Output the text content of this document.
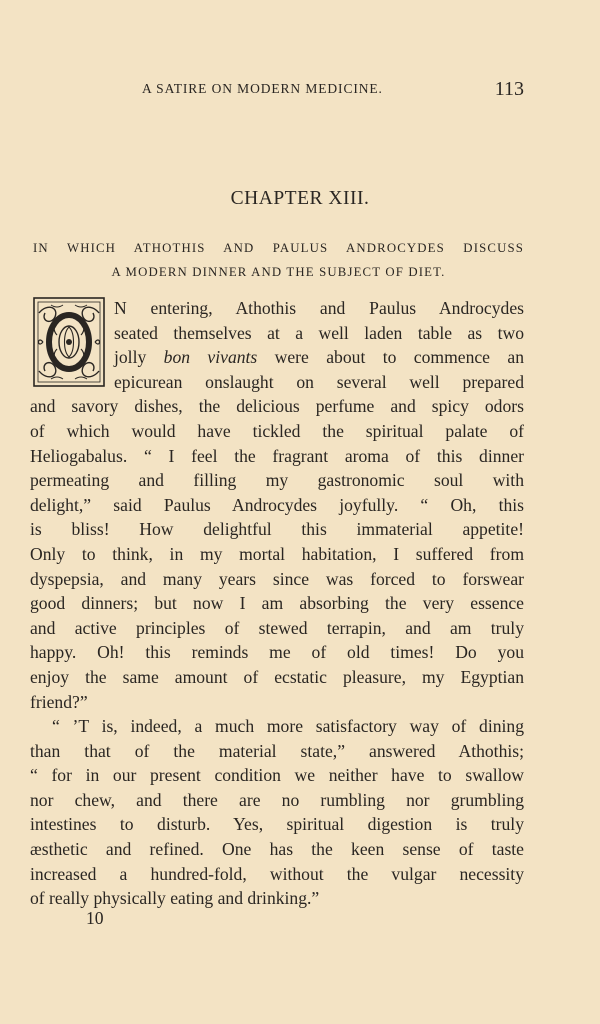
A SATIRE ON MODERN MEDICINE.	113
CHAPTER XIII.
IN WHICH ATHOTHIS AND PAULUS ANDROCYDES DISCUSS
A MODERN DINNER AND THE SUBJECT OF DIET.
N entering, Athothis and Paulus Androcydes
seated themselves at a well laden table as two
jolly bon vivants were about to commence an
epicurean onslaught on several well prepared
and savory dishes, the delicious perfume and spicy odors
of which would have tickled the spiritual palate of
Heliogabalus. “ I feel the fragrant aroma of this dinner
permeating and filling my gastronomic soul with
delight,” said Paulus Androcydes joyfully. “ Oh, this
is bliss! How delightful this immaterial appetite!
Only to think, in my mortal habitation, I suffered from
dyspepsia, and many years since was forced to forswear
good dinners; but now I am absorbing the very essence
and active principles of stewed terrapin, and am truly
happy. Oh! this reminds me of old times! Do you
enjoy the same amount of ecstatic pleasure, my Egyptian
friend?”
“ ’T is, indeed, a much more satisfactory way of dining
than that of the material state,” answered Athothis;
“ for in our present condition we neither have to swallow
nor chew, and there are no rumbling nor grumbling
intestines to disturb. Yes, spiritual digestion is truly
æsthetic and refined. One has the keen sense of taste
increased a hundred-fold, without the vulgar necessity
of really physically eating and drinking.”
10
